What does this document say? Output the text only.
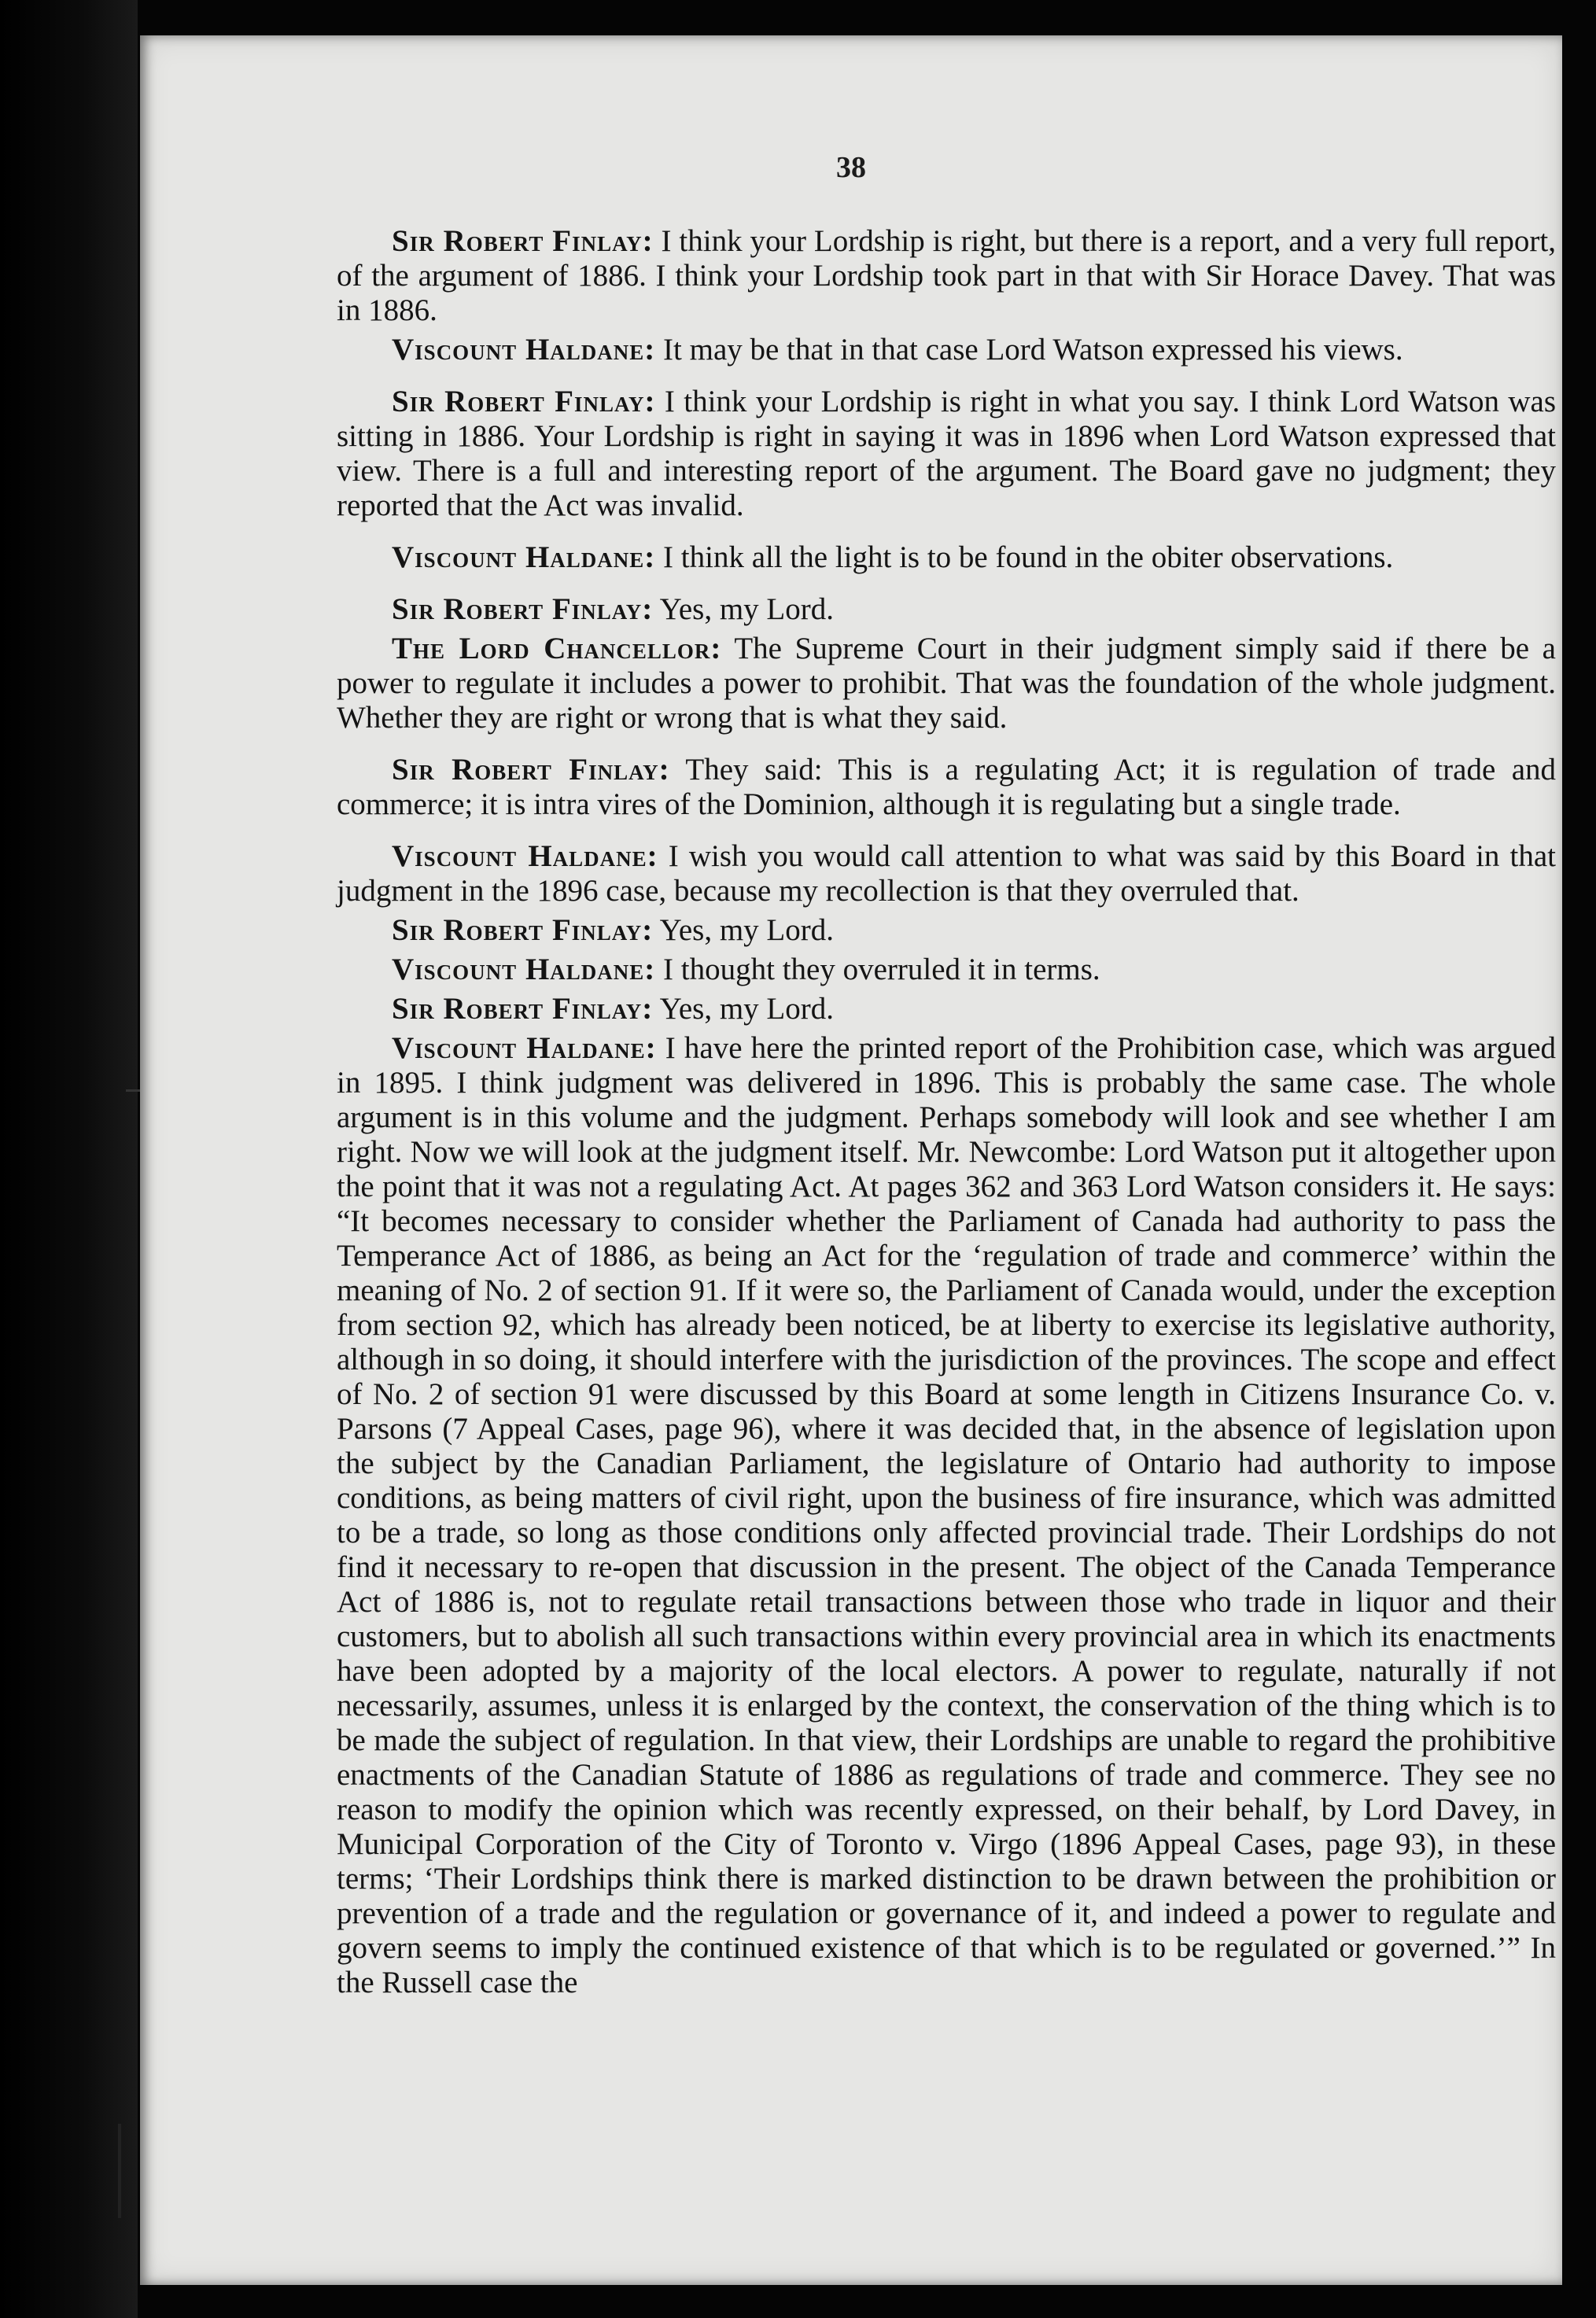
38

Sir Robert Finlay: I think your Lordship is right, but there is a report, and a very full report, of the argument of 1886. I think your Lordship took part in that with Sir Horace Davey. That was in 1886.

Viscount Haldane: It may be that in that case Lord Watson expressed his views.

Sir Robert Finlay: I think your Lordship is right in what you say. I think Lord Watson was sitting in 1886. Your Lordship is right in saying it was in 1896 when Lord Watson expressed that view. There is a full and interesting report of the argument. The Board gave no judgment; they reported that the Act was invalid.

Viscount Haldane: I think all the light is to be found in the obiter observations.

Sir Robert Finlay: Yes, my Lord.

The Lord Chancellor: The Supreme Court in their judgment simply said if there be a power to regulate it includes a power to prohibit. That was the foundation of the whole judgment. Whether they are right or wrong that is what they said.

Sir Robert Finlay: They said: This is a regulating Act; it is regulation of trade and commerce; it is intra vires of the Dominion, although it is regulating but a single trade.

Viscount Haldane: I wish you would call attention to what was said by this Board in that judgment in the 1896 case, because my recollection is that they overruled that.

Sir Robert Finlay: Yes, my Lord.

Viscount Haldane: I thought they overruled it in terms.

Sir Robert Finlay: Yes, my Lord.

Viscount Haldane: I have here the printed report of the Prohibition case, which was argued in 1895. I think judgment was delivered in 1896. This is probably the same case. The whole argument is in this volume and the judgment. Perhaps somebody will look and see whether I am right. Now we will look at the judgment itself. Mr. Newcombe: Lord Watson put it altogether upon the point that it was not a regulating Act. At pages 362 and 363 Lord Watson considers it. He says: “It becomes necessary to consider whether the Parliament of Canada had authority to pass the Temperance Act of 1886, as being an Act for the ‘regulation of trade and commerce’ within the meaning of No. 2 of section 91. If it were so, the Parliament of Canada would, under the exception from section 92, which has already been noticed, be at liberty to exercise its legislative authority, although in so doing, it should interfere with the jurisdiction of the provinces. The scope and effect of No. 2 of section 91 were discussed by this Board at some length in Citizens Insurance Co. v. Parsons (7 Appeal Cases, page 96), where it was decided that, in the absence of legislation upon the subject by the Canadian Parliament, the legislature of Ontario had authority to impose conditions, as being matters of civil right, upon the business of fire insurance, which was admitted to be a trade, so long as those conditions only affected provincial trade. Their Lordships do not find it necessary to re-open that discussion in the present. The object of the Canada Temperance Act of 1886 is, not to regulate retail transactions between those who trade in liquor and their customers, but to abolish all such transactions within every provincial area in which its enactments have been adopted by a majority of the local electors. A power to regulate, naturally if not necessarily, assumes, unless it is enlarged by the context, the conservation of the thing which is to be made the subject of regulation. In that view, their Lordships are unable to regard the prohibitive enactments of the Canadian Statute of 1886 as regulations of trade and commerce. They see no reason to modify the opinion which was recently expressed, on their behalf, by Lord Davey, in Municipal Corporation of the City of Toronto v. Virgo (1896 Appeal Cases, page 93), in these terms; ‘Their Lordships think there is marked distinction to be drawn between the prohibition or prevention of a trade and the regulation or governance of it, and indeed a power to regulate and govern seems to imply the continued existence of that which is to be regulated or governed.’” In the Russell case the
